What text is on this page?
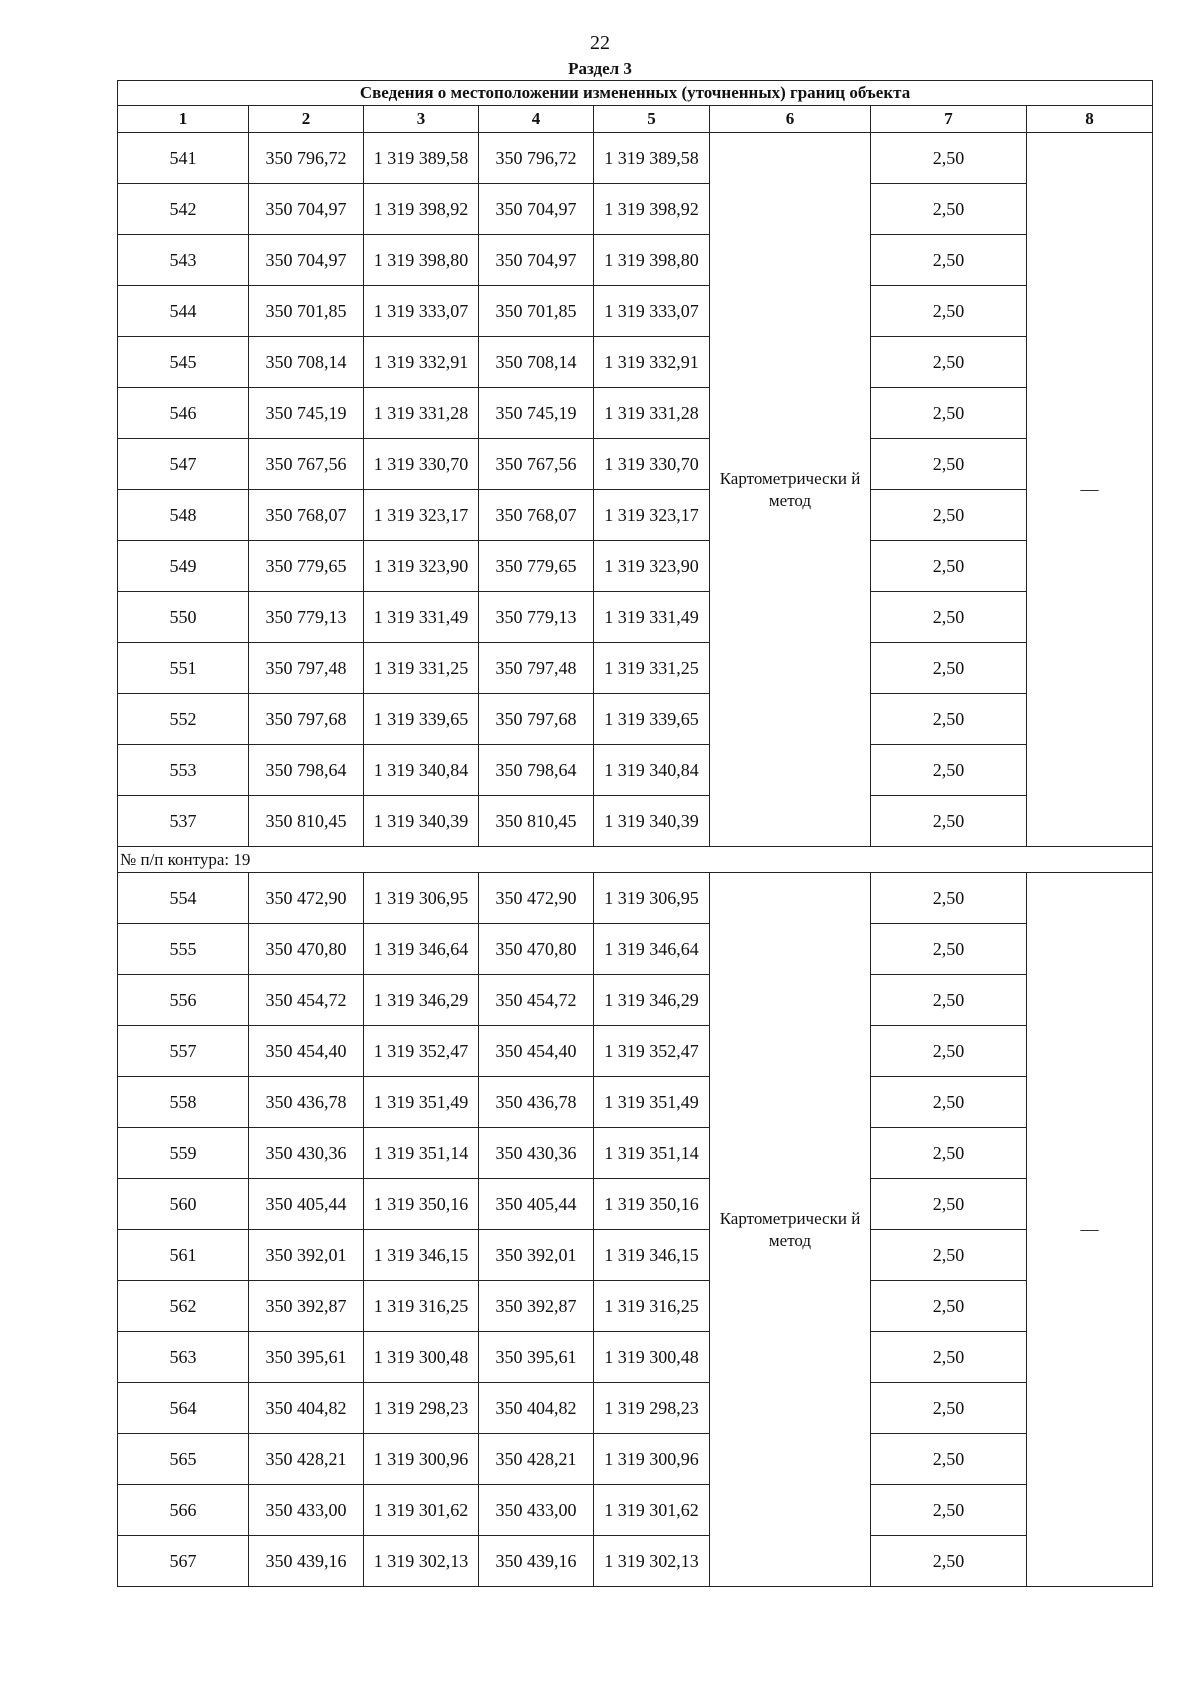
22
Раздел 3
Сведения о местоположении измененных (уточненных) границ объекта							
1	2	3	4	5	6	7	8
541	350 796,72	1 319 389,58	350 796,72	1 319 389,58	Картометрически й метод	2,50	—
542	350 704,97	1 319 398,92	350 704,97	1 319 398,92		2,50	
543	350 704,97	1 319 398,80	350 704,97	1 319 398,80		2,50	
544	350 701,85	1 319 333,07	350 701,85	1 319 333,07		2,50	
545	350 708,14	1 319 332,91	350 708,14	1 319 332,91		2,50	
546	350 745,19	1 319 331,28	350 745,19	1 319 331,28		2,50	
547	350 767,56	1 319 330,70	350 767,56	1 319 330,70		2,50	
548	350 768,07	1 319 323,17	350 768,07	1 319 323,17		2,50	
549	350 779,65	1 319 323,90	350 779,65	1 319 323,90		2,50	
550	350 779,13	1 319 331,49	350 779,13	1 319 331,49		2,50	
551	350 797,48	1 319 331,25	350 797,48	1 319 331,25		2,50	
552	350 797,68	1 319 339,65	350 797,68	1 319 339,65		2,50	
553	350 798,64	1 319 340,84	350 798,64	1 319 340,84		2,50	
537	350 810,45	1 319 340,39	350 810,45	1 319 340,39		2,50	
№ п/п контура: 19							
554	350 472,90	1 319 306,95	350 472,90	1 319 306,95	Картометрически й метод	2,50	—
555	350 470,80	1 319 346,64	350 470,80	1 319 346,64		2,50	
556	350 454,72	1 319 346,29	350 454,72	1 319 346,29		2,50	
557	350 454,40	1 319 352,47	350 454,40	1 319 352,47		2,50	
558	350 436,78	1 319 351,49	350 436,78	1 319 351,49		2,50	
559	350 430,36	1 319 351,14	350 430,36	1 319 351,14		2,50	
560	350 405,44	1 319 350,16	350 405,44	1 319 350,16		2,50	
561	350 392,01	1 319 346,15	350 392,01	1 319 346,15		2,50	
562	350 392,87	1 319 316,25	350 392,87	1 319 316,25		2,50	
563	350 395,61	1 319 300,48	350 395,61	1 319 300,48		2,50	
564	350 404,82	1 319 298,23	350 404,82	1 319 298,23		2,50	
565	350 428,21	1 319 300,96	350 428,21	1 319 300,96		2,50	
566	350 433,00	1 319 301,62	350 433,00	1 319 301,62		2,50	
567	350 439,16	1 319 302,13	350 439,16	1 319 302,13		2,50	
